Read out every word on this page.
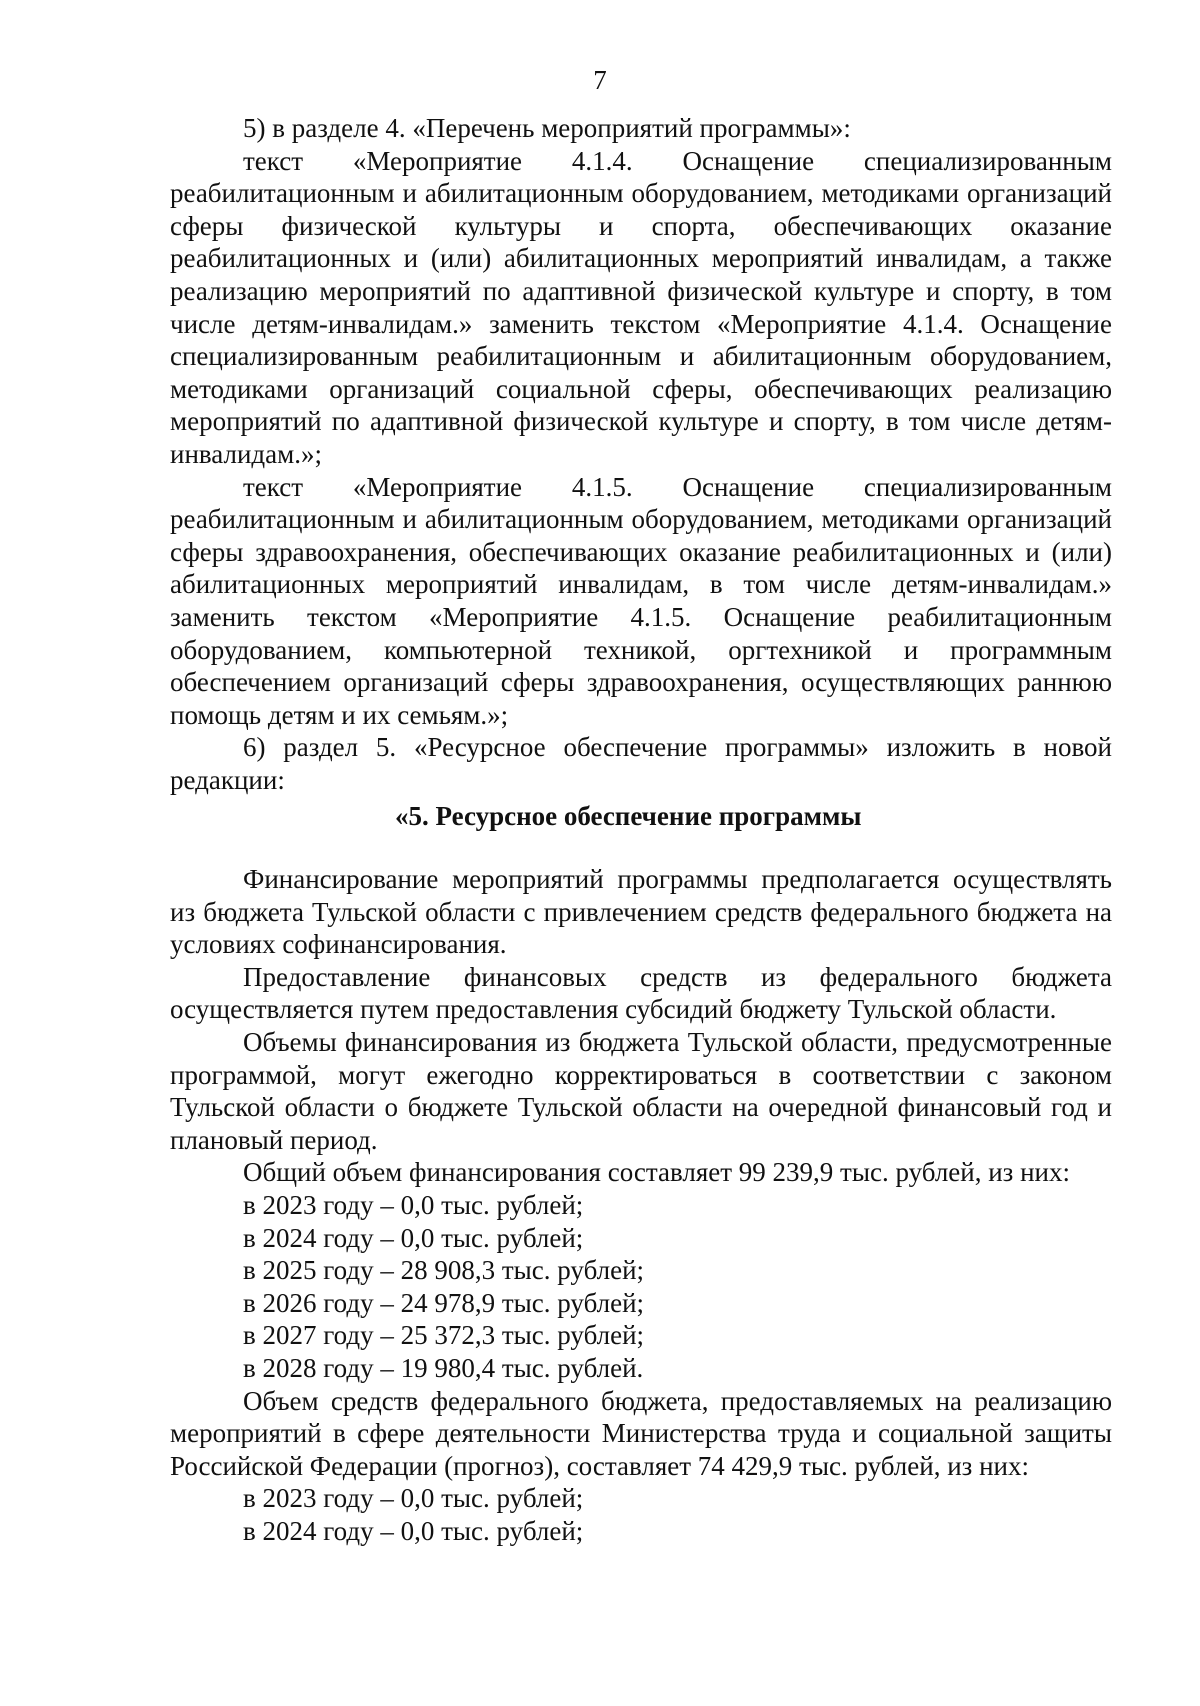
7

5) в разделе 4. «Перечень мероприятий программы»:

текст «Мероприятие 4.1.4. Оснащение специализированным реабилитационным и абилитационным оборудованием, методиками организаций сферы физической культуры и спорта, обеспечивающих оказание реабилитационных и (или) абилитационных мероприятий инвалидам, а также реализацию мероприятий по адаптивной физической культуре и спорту, в том числе детям-инвалидам.» заменить текстом «Мероприятие 4.1.4. Оснащение специализированным реабилитационным и абилитационным оборудованием, методиками организаций социальной сферы, обеспечивающих реализацию мероприятий по адаптивной физической культуре и спорту, в том числе детям-инвалидам.»;

текст «Мероприятие 4.1.5. Оснащение специализированным реабилитационным и абилитационным оборудованием, методиками организаций сферы здравоохранения, обеспечивающих оказание реабилитационных и (или) абилитационных мероприятий инвалидам, в том числе детям-инвалидам.» заменить текстом «Мероприятие 4.1.5. Оснащение реабилитационным оборудованием, компьютерной техникой, оргтехникой и программным обеспечением организаций сферы здравоохранения, осуществляющих раннюю помощь детям и их семьям.»;

6) раздел 5. «Ресурсное обеспечение программы» изложить в новой редакции:

«5. Ресурсное обеспечение программы

Финансирование мероприятий программы предполагается осуществлять из бюджета Тульской области с привлечением средств федерального бюджета на условиях софинансирования.

Предоставление финансовых средств из федерального бюджета осуществляется путем предоставления субсидий бюджету Тульской области.

Объемы финансирования из бюджета Тульской области, предусмотренные программой, могут ежегодно корректироваться в соответствии с законом Тульской области о бюджете Тульской области на очередной финансовый год и плановый период.

Общий объем финансирования составляет 99 239,9 тыс. рублей, из них:

в 2023 году – 0,0 тыс. рублей;

в 2024 году – 0,0 тыс. рублей;

в 2025 году – 28 908,3 тыс. рублей;

в 2026 году – 24 978,9 тыс. рублей;

в 2027 году – 25 372,3 тыс. рублей;

в 2028 году – 19 980,4 тыс. рублей.

Объем средств федерального бюджета, предоставляемых на реализацию мероприятий в сфере деятельности Министерства труда и социальной защиты Российской Федерации (прогноз), составляет 74 429,9 тыс. рублей, из них:

в 2023 году – 0,0 тыс. рублей;

в 2024 году – 0,0 тыс. рублей;
